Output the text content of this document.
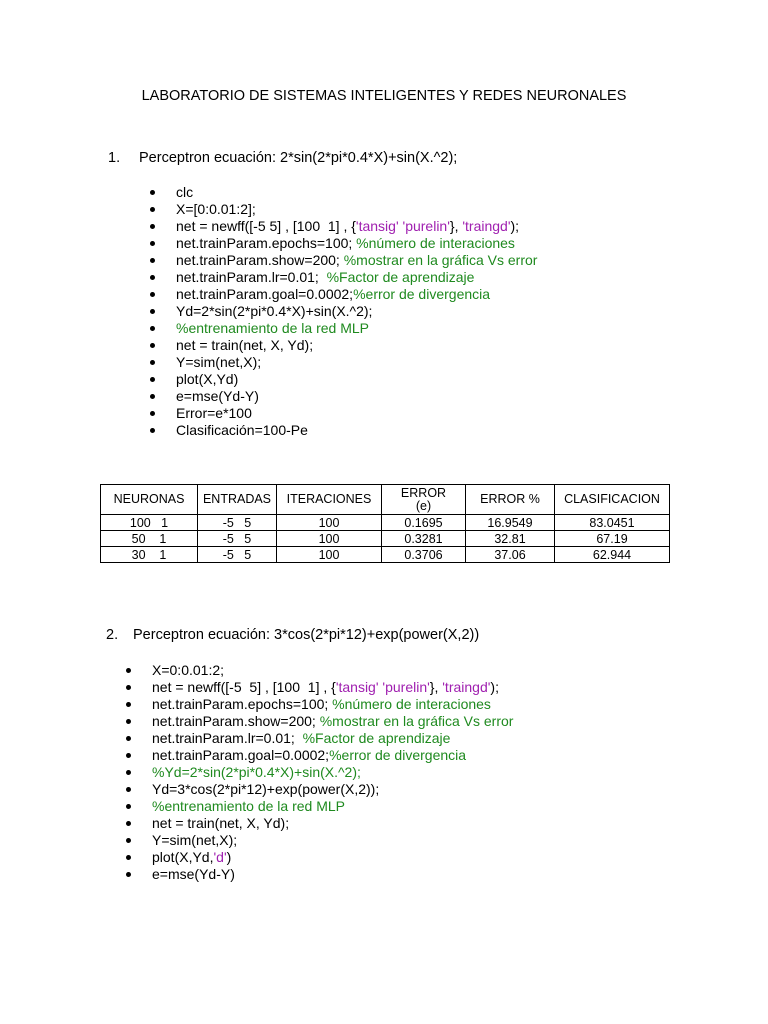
LABORATORIO DE SISTEMAS INTELIGENTES Y REDES NEURONALES
1. Perceptron ecuación: 2*sin(2*pi*0.4*X)+sin(X.^2);
clc
X=[0:0.01:2];
net = newff([-5 5] , [100  1] , {'tansig' 'purelin'}, 'traingd');
net.trainParam.epochs=100; %número de interaciones
net.trainParam.show=200; %mostrar en la gráfica Vs error
net.trainParam.lr=0.01;  %Factor de aprendizaje
net.trainParam.goal=0.0002;%error de divergencia
Yd=2*sin(2*pi*0.4*X)+sin(X.^2);
%entrenamiento de la red MLP
net = train(net, X, Yd);
Y=sim(net,X);
plot(X,Yd)
e=mse(Yd-Y)
Error=e*100
Clasificación=100-Pe
NEURONAS	ENTRADAS	ITERACIONES	ERROR
(e)	ERROR %	CLASIFICACION
100   1	-5   5	100	0.1695	16.9549	83.0451
50    1	-5   5	100	0.3281	32.81	67.19
30    1	-5   5	100	0.3706	37.06	62.944
2. Perceptron ecuación: 3*cos(2*pi*12)+exp(power(X,2))
X=0:0.01:2;
net = newff([-5  5] , [100  1] , {'tansig' 'purelin'}, 'traingd');
net.trainParam.epochs=100; %número de interaciones
net.trainParam.show=200; %mostrar en la gráfica Vs error
net.trainParam.lr=0.01;  %Factor de aprendizaje
net.trainParam.goal=0.0002;%error de divergencia
%Yd=2*sin(2*pi*0.4*X)+sin(X.^2);
Yd=3*cos(2*pi*12)+exp(power(X,2));
%entrenamiento de la red MLP
net = train(net, X, Yd);
Y=sim(net,X);
plot(X,Yd,'d')
e=mse(Yd-Y)
